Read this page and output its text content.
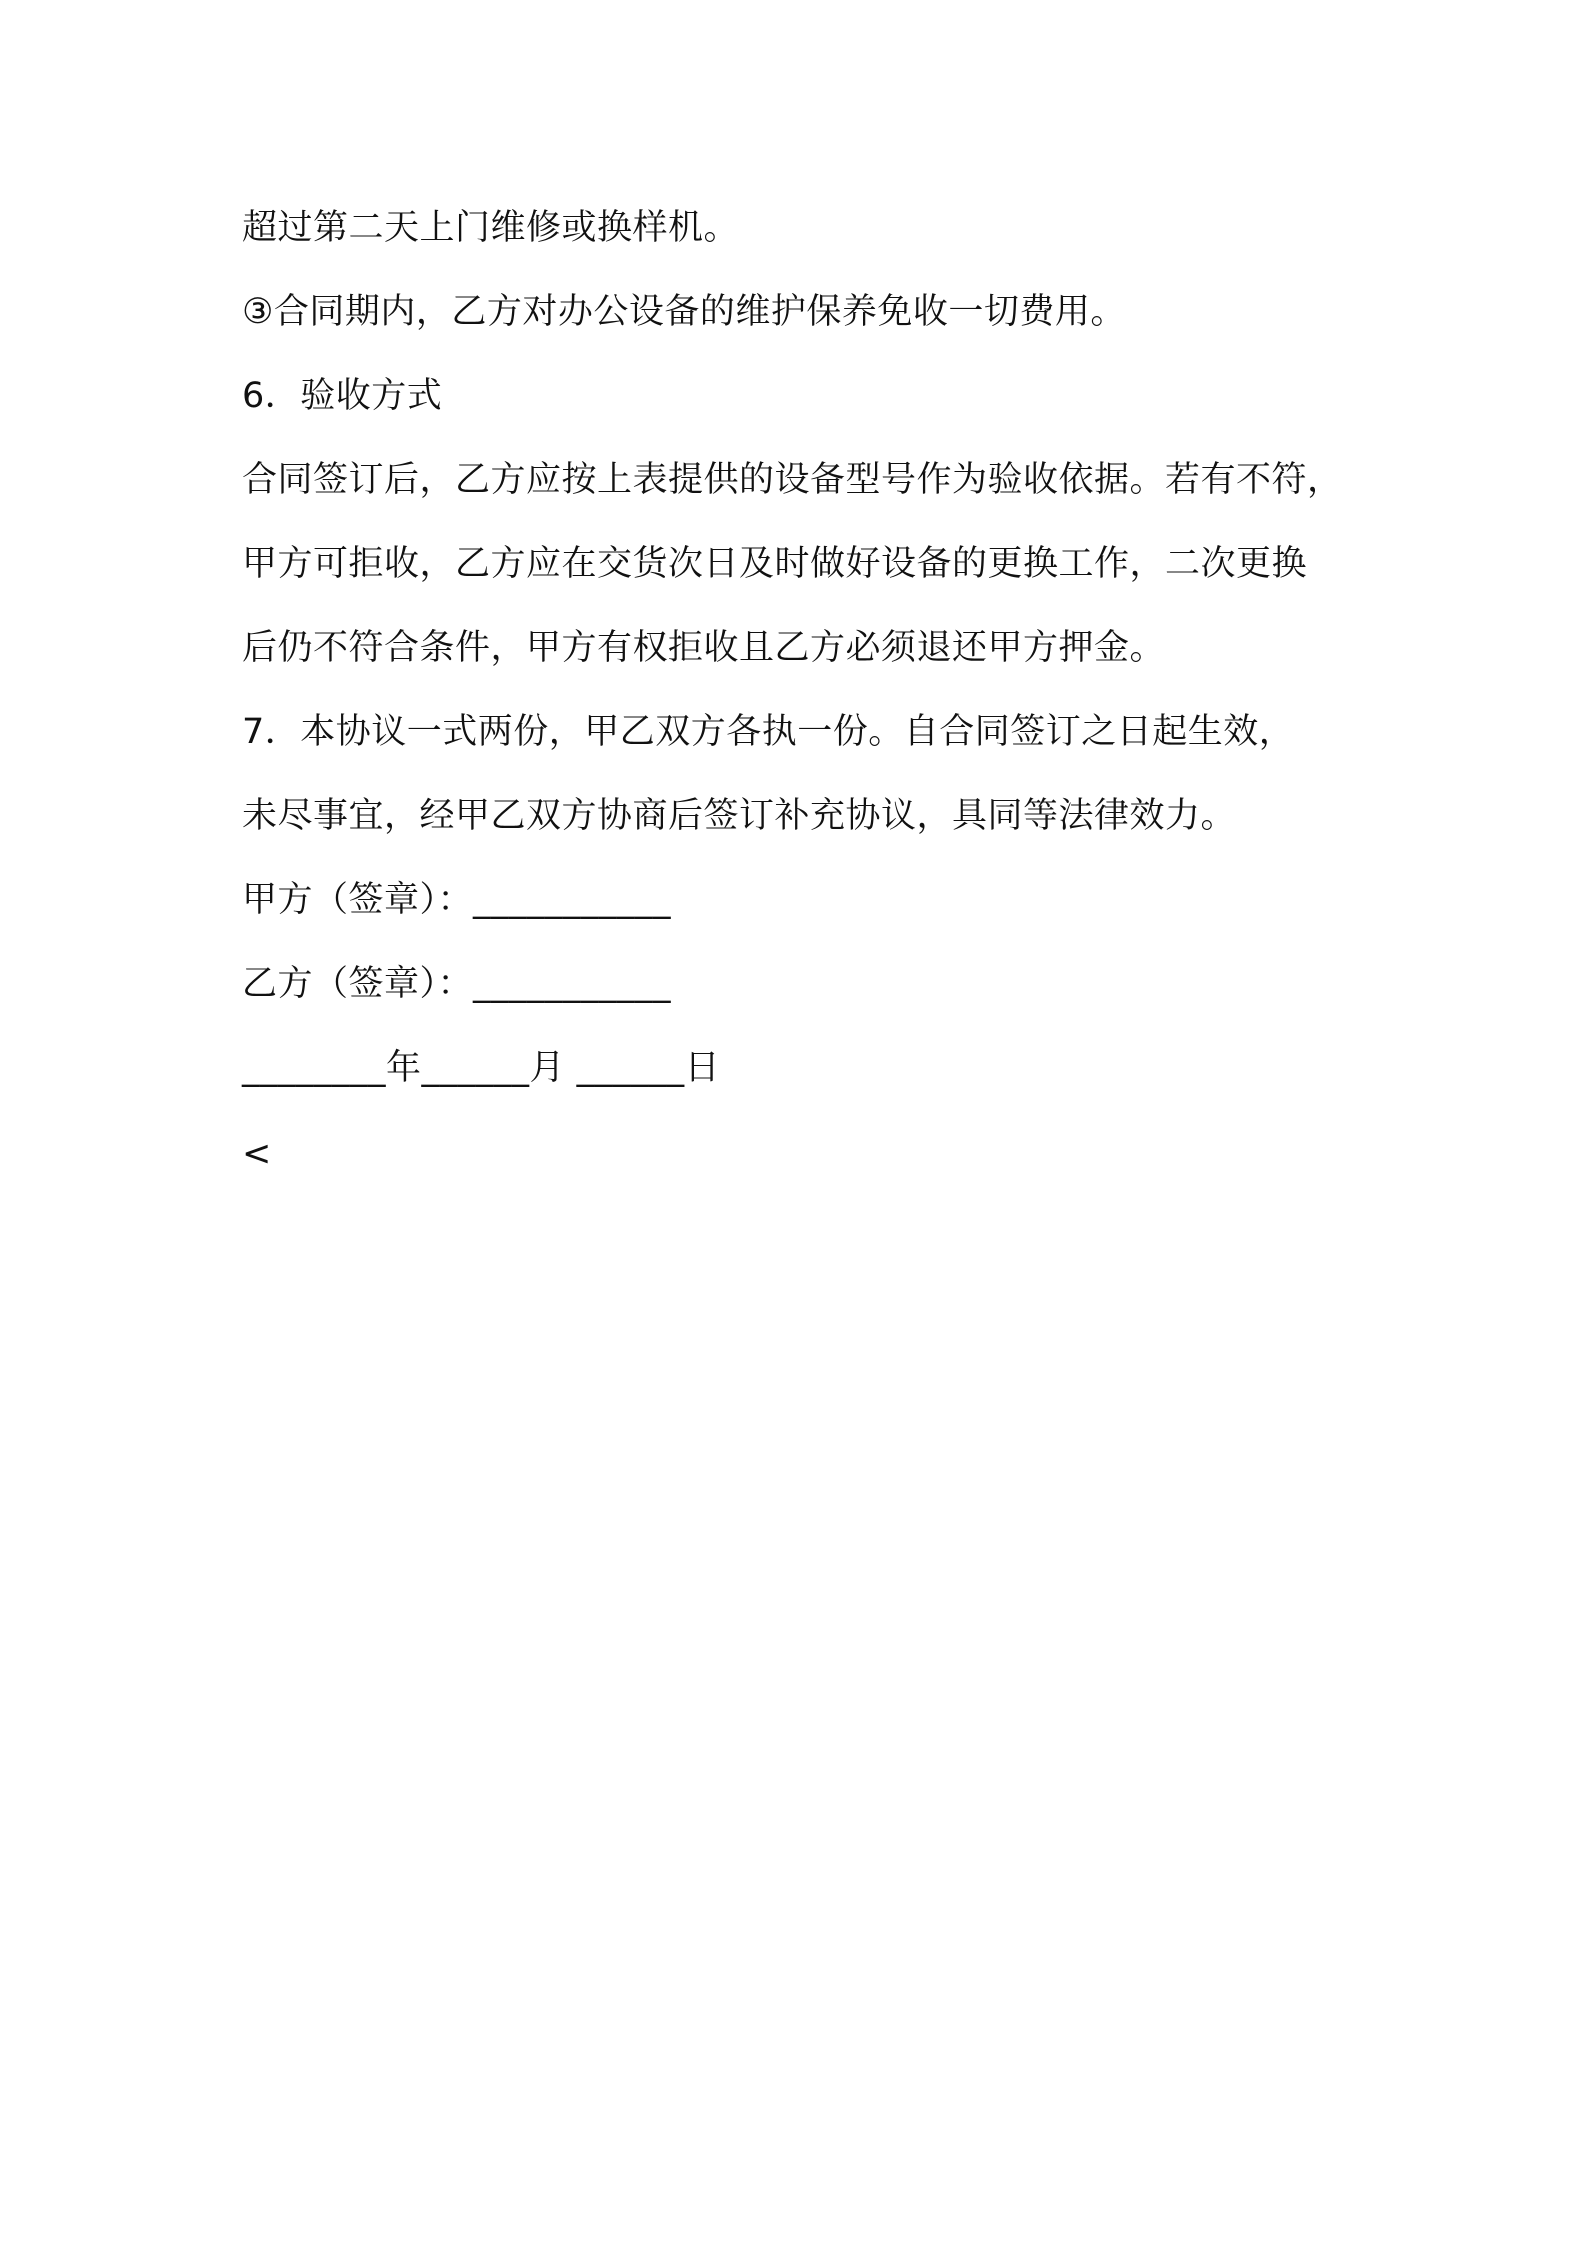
超过第二天上门维修或换样机。
③合同期内，乙方对办公设备的维护保养免收一切费用。
6．验收方式
合同签订后，乙方应按上表提供的设备型号作为验收依据。若有不符，
甲方可拒收，乙方应在交货次日及时做好设备的更换工作，二次更换
后仍不符合条件，甲方有权拒收且乙方必须退还甲方押金。
7．本协议一式两份，甲乙双方各执一份。自合同签订之日起生效，
未尽事宜，经甲乙双方协商后签订补充协议，具同等法律效力。
甲方（签章）：___________
乙方（签章）：___________
________年______月 ______日
<
